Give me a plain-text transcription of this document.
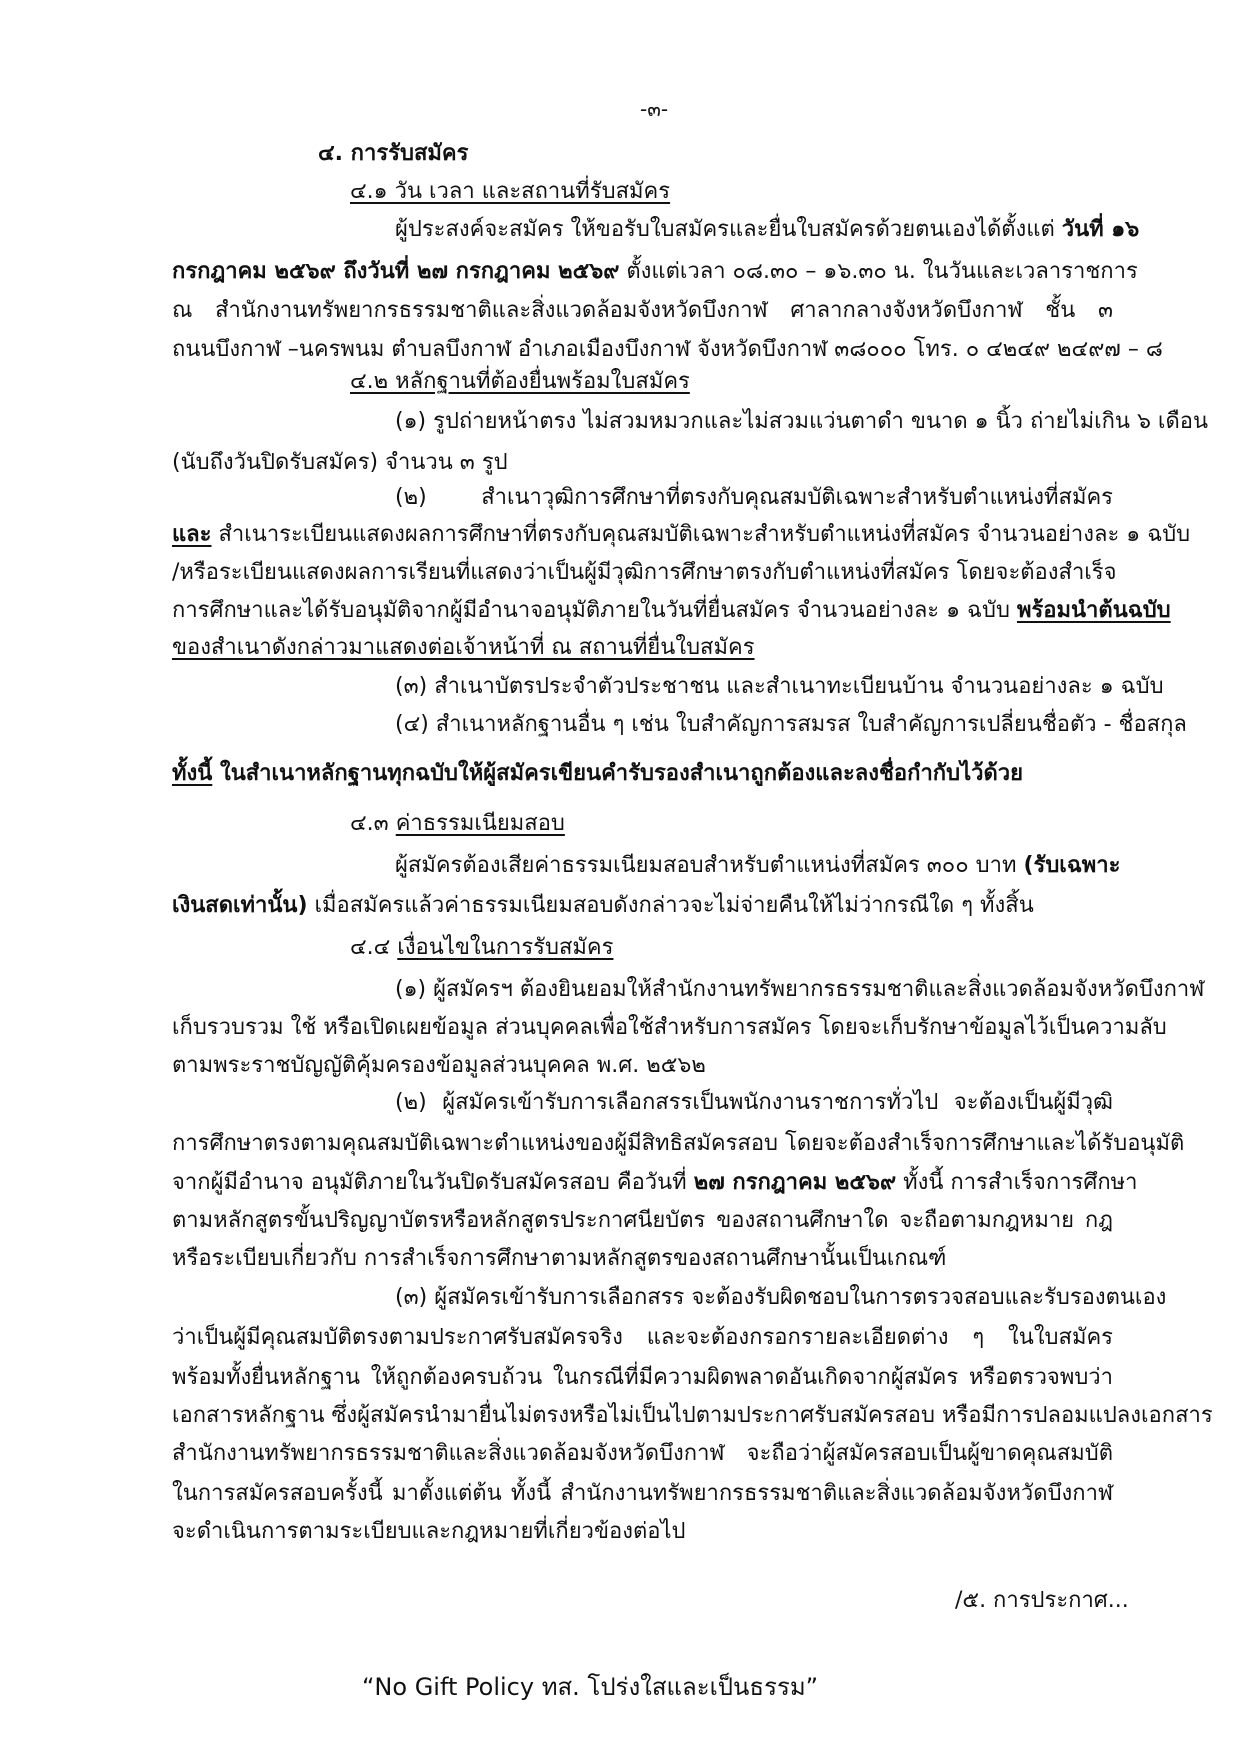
-๓-
๔. การรับสมัคร
๔.๑ วัน เวลา และสถานที่รับสมัคร
ผู้ประสงค์จะสมัคร ให้ขอรับใบสมัครและยื่นใบสมัครด้วยตนเองได้ตั้งแต่ วันที่ ๑๖
กรกฎาคม ๒๕๖๙ ถึงวันที่ ๒๗ กรกฎาคม ๒๕๖๙ ตั้งแต่เวลา ๐๘.๓๐ – ๑๖.๓๐ น. ในวันและเวลาราชการ
ณ สำนักงานทรัพยากรธรรมชาติและสิ่งแวดล้อมจังหวัดบึงกาฬ ศาลากลางจังหวัดบึงกาฬ ชั้น ๓
ถนนบึงกาฬ –นครพนม ตำบลบึงกาฬ อำเภอเมืองบึงกาฬ จังหวัดบึงกาฬ ๓๘๐๐๐ โทร. ๐ ๔๒๔๙ ๒๔๙๗ – ๘
๔.๒ หลักฐานที่ต้องยื่นพร้อมใบสมัคร
(๑) รูปถ่ายหน้าตรง ไม่สวมหมวกและไม่สวมแว่นตาดำ ขนาด ๑ นิ้ว ถ่ายไม่เกิน ๖ เดือน
(นับถึงวันปิดรับสมัคร) จำนวน ๓ รูป
(๒) สำเนาวุฒิการศึกษาที่ตรงกับคุณสมบัติเฉพาะสำหรับตำแหน่งที่สมัคร
และ สำเนาระเบียนแสดงผลการศึกษาที่ตรงกับคุณสมบัติเฉพาะสำหรับตำแหน่งที่สมัคร จำนวนอย่างละ ๑ ฉบับ
/หรือระเบียนแสดงผลการเรียนที่แสดงว่าเป็นผู้มีวุฒิการศึกษาตรงกับตำแหน่งที่สมัคร โดยจะต้องสำเร็จ
การศึกษาและได้รับอนุมัติจากผู้มีอำนาจอนุมัติภายในวันที่ยื่นสมัคร จำนวนอย่างละ ๑ ฉบับ พร้อมนำต้นฉบับ
ของสำเนาดังกล่าวมาแสดงต่อเจ้าหน้าที่ ณ สถานที่ยื่นใบสมัคร
(๓) สำเนาบัตรประจำตัวประชาชน และสำเนาทะเบียนบ้าน จำนวนอย่างละ ๑ ฉบับ
(๔) สำเนาหลักฐานอื่น ๆ เช่น ใบสำคัญการสมรส ใบสำคัญการเปลี่ยนชื่อตัว - ชื่อสกุล
ทั้งนี้ ในสำเนาหลักฐานทุกฉบับให้ผู้สมัครเขียนคำรับรองสำเนาถูกต้องและลงชื่อกำกับไว้ด้วย
๔.๓ ค่าธรรมเนียมสอบ
ผู้สมัครต้องเสียค่าธรรมเนียมสอบสำหรับตำแหน่งที่สมัคร ๓๐๐ บาท (รับเฉพาะ
เงินสดเท่านั้น) เมื่อสมัครแล้วค่าธรรมเนียมสอบดังกล่าวจะไม่จ่ายคืนให้ไม่ว่ากรณีใด ๆ ทั้งสิ้น
๔.๔ เงื่อนไขในการรับสมัคร
(๑) ผู้สมัครฯ ต้องยินยอมให้สำนักงานทรัพยากรธรรมชาติและสิ่งแวดล้อมจังหวัดบึงกาฬ
เก็บรวบรวม ใช้ หรือเปิดเผยข้อมูล ส่วนบุคคลเพื่อใช้สำหรับการสมัคร โดยจะเก็บรักษาข้อมูลไว้เป็นความลับ
ตามพระราชบัญญัติคุ้มครองข้อมูลส่วนบุคคล พ.ศ. ๒๕๖๒
(๒) ผู้สมัครเข้ารับการเลือกสรรเป็นพนักงานราชการทั่วไป จะต้องเป็นผู้มีวุฒิ
การศึกษาตรงตามคุณสมบัติเฉพาะตำแหน่งของผู้มีสิทธิสมัครสอบ โดยจะต้องสำเร็จการศึกษาและได้รับอนุมัติ
จากผู้มีอำนาจ อนุมัติภายในวันปิดรับสมัครสอบ คือวันที่ ๒๗ กรกฎาคม ๒๕๖๙ ทั้งนี้ การสำเร็จการศึกษา
ตามหลักสูตรขั้นปริญญาบัตรหรือหลักสูตรประกาศนียบัตร ของสถานศึกษาใด จะถือตามกฎหมาย กฎ
หรือระเบียบเกี่ยวกับ การสำเร็จการศึกษาตามหลักสูตรของสถานศึกษานั้นเป็นเกณฑ์
(๓) ผู้สมัครเข้ารับการเลือกสรร จะต้องรับผิดชอบในการตรวจสอบและรับรองตนเอง
ว่าเป็นผู้มีคุณสมบัติตรงตามประกาศรับสมัครจริง และจะต้องกรอกรายละเอียดต่าง ๆ ในใบสมัคร
พร้อมทั้งยื่นหลักฐาน ให้ถูกต้องครบถ้วน ในกรณีที่มีความผิดพลาดอันเกิดจากผู้สมัคร หรือตรวจพบว่า
เอกสารหลักฐาน ซึ่งผู้สมัครนำมายื่นไม่ตรงหรือไม่เป็นไปตามประกาศรับสมัครสอบ หรือมีการปลอมแปลงเอกสาร
สำนักงานทรัพยากรธรรมชาติและสิ่งแวดล้อมจังหวัดบึงกาฬ จะถือว่าผู้สมัครสอบเป็นผู้ขาดคุณสมบัติ
ในการสมัครสอบครั้งนี้ มาตั้งแต่ต้น ทั้งนี้ สำนักงานทรัพยากรธรรมชาติและสิ่งแวดล้อมจังหวัดบึงกาฬ
จะดำเนินการตามระเบียบและกฎหมายที่เกี่ยวข้องต่อไป
/๕. การประกาศ...
“No Gift Policy ทส. โปร่งใสและเป็นธรรม”
